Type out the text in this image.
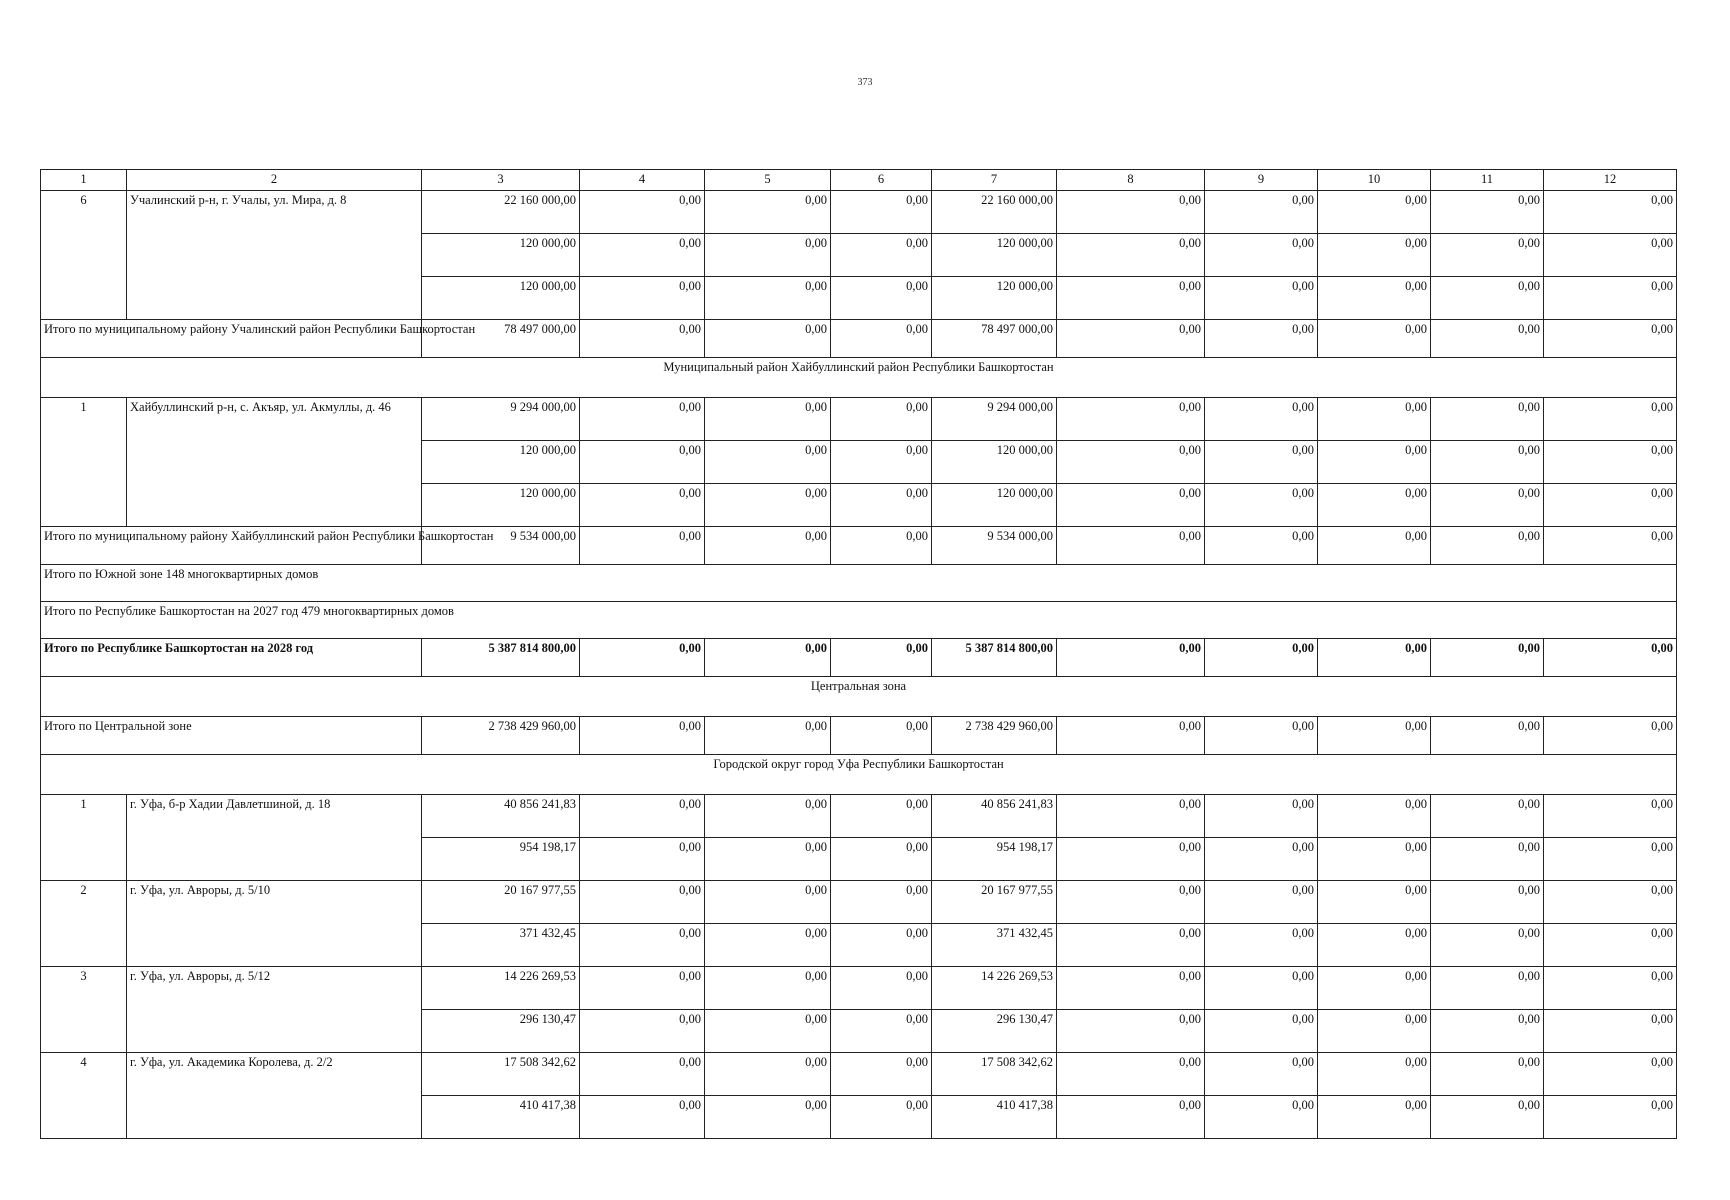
373
1	2	3	4	5	6	7	8	9	10	11	12
6	Учалинский р-н, г. Учалы, ул. Мира, д. 8	22 160 000,00	0,00	0,00	0,00	22 160 000,00	0,00	0,00	0,00	0,00	0,00
		120 000,00	0,00	0,00	0,00	120 000,00	0,00	0,00	0,00	0,00	0,00
		120 000,00	0,00	0,00	0,00	120 000,00	0,00	0,00	0,00	0,00	0,00
Итого по муниципальному району Учалинский район Республики Башкортостан		78 497 000,00	0,00	0,00	0,00	78 497 000,00	0,00	0,00	0,00	0,00	0,00
Муниципальный район Хайбуллинский район Республики Башкортостан											
1	Хайбуллинский р-н, с. Акъяр, ул. Акмуллы, д. 46	9 294 000,00	0,00	0,00	0,00	9 294 000,00	0,00	0,00	0,00	0,00	0,00
		120 000,00	0,00	0,00	0,00	120 000,00	0,00	0,00	0,00	0,00	0,00
		120 000,00	0,00	0,00	0,00	120 000,00	0,00	0,00	0,00	0,00	0,00
Итого по муниципальному району Хайбуллинский район Республики Башкортостан		9 534 000,00	0,00	0,00	0,00	9 534 000,00	0,00	0,00	0,00	0,00	0,00
Итого по Южной зоне 148 многоквартирных домов											
Итого по Республике Башкортостан на 2027 год 479 многоквартирных домов											
Итого по Республике Башкортостан на 2028 год		5 387 814 800,00	0,00	0,00	0,00	5 387 814 800,00	0,00	0,00	0,00	0,00	0,00
Центральная зона											
Итого по Центральной зоне		2 738 429 960,00	0,00	0,00	0,00	2 738 429 960,00	0,00	0,00	0,00	0,00	0,00
Городской округ город Уфа Республики Башкортостан											
1	г. Уфа, б-р Хадии Давлетшиной, д. 18	40 856 241,83	0,00	0,00	0,00	40 856 241,83	0,00	0,00	0,00	0,00	0,00
		954 198,17	0,00	0,00	0,00	954 198,17	0,00	0,00	0,00	0,00	0,00
2	г. Уфа, ул. Авроры, д. 5/10	20 167 977,55	0,00	0,00	0,00	20 167 977,55	0,00	0,00	0,00	0,00	0,00
		371 432,45	0,00	0,00	0,00	371 432,45	0,00	0,00	0,00	0,00	0,00
3	г. Уфа, ул. Авроры, д. 5/12	14 226 269,53	0,00	0,00	0,00	14 226 269,53	0,00	0,00	0,00	0,00	0,00
		296 130,47	0,00	0,00	0,00	296 130,47	0,00	0,00	0,00	0,00	0,00
4	г. Уфа, ул. Академика Королева, д. 2/2	17 508 342,62	0,00	0,00	0,00	17 508 342,62	0,00	0,00	0,00	0,00	0,00
		410 417,38	0,00	0,00	0,00	410 417,38	0,00	0,00	0,00	0,00	0,00
